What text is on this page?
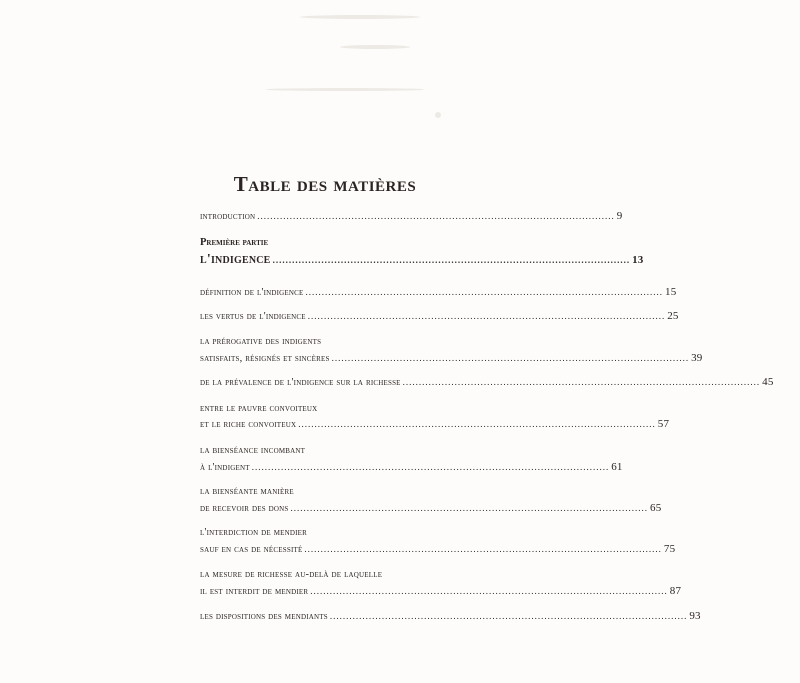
Table des matières
introduction .............................................................................................................. 9
Première partie
l'indigence .............................................................................................................. 13
définition de l'indigence .............................................................................................................. 15
les vertus de l'indigence .............................................................................................................. 25
la prérogative des indigents
satisfaits, résignés et sincères .............................................................................................................. 39
de la prévalence de l'indigence sur la richesse .............................................................................................................. 45
entre le pauvre convoiteux
et le riche convoiteux .............................................................................................................. 57
la bienséance incombant
à l'indigent .............................................................................................................. 61
la bienséante manière
de recevoir des dons .............................................................................................................. 65
l'interdiction de mendier
sauf en cas de nécessité .............................................................................................................. 75
la mesure de richesse au-delà de laquelle
il est interdit de mendier .............................................................................................................. 87
les dispositions des mendiants .............................................................................................................. 93
